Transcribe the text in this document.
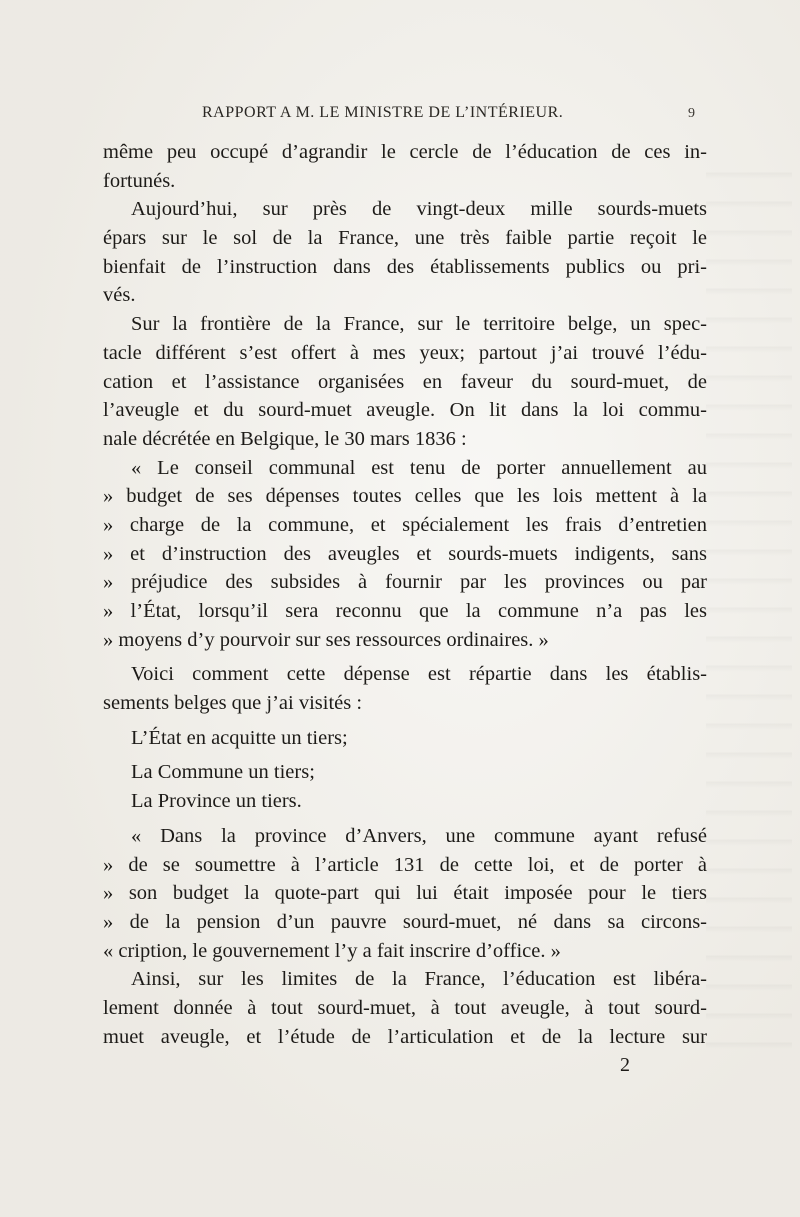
RAPPORT A M. LE MINISTRE DE L’INTÉRIEUR.	9
même peu occupé d’agrandir le cercle de l’éducation de ces in-
fortunés.
Aujourd’hui, sur près de vingt-deux mille sourds-muets
épars sur le sol de la France, une très faible partie reçoit le
bienfait de l’instruction dans des établissements publics ou pri-
vés.
Sur la frontière de la France, sur le territoire belge, un spec-
tacle différent s’est offert à mes yeux; partout j’ai trouvé l’édu-
cation et l’assistance organisées en faveur du sourd-muet, de
l’aveugle et du sourd-muet aveugle. On lit dans la loi commu-
nale décrétée en Belgique, le 30 mars 1836 :
« Le conseil communal est tenu de porter annuellement au
» budget de ses dépenses toutes celles que les lois mettent à la
» charge de la commune, et spécialement les frais d’entretien
» et d’instruction des aveugles et sourds-muets indigents, sans
» préjudice des subsides à fournir par les provinces ou par
» l’État, lorsqu’il sera reconnu que la commune n’a pas les
» moyens d’y pourvoir sur ses ressources ordinaires. »
Voici comment cette dépense est répartie dans les établis-
sements belges que j’ai visités :
L’État en acquitte un tiers;
La Commune un tiers;
La Province un tiers.
« Dans la province d’Anvers, une commune ayant refusé
» de se soumettre à l’article 131 de cette loi, et de porter à
» son budget la quote-part qui lui était imposée pour le tiers
» de la pension d’un pauvre sourd-muet, né dans sa circons-
« cription, le gouvernement l’y a fait inscrire d’office. »
Ainsi, sur les limites de la France, l’éducation est libéra-
lement donnée à tout sourd-muet, à tout aveugle, à tout sourd-
muet aveugle, et l’étude de l’articulation et de la lecture sur
2
